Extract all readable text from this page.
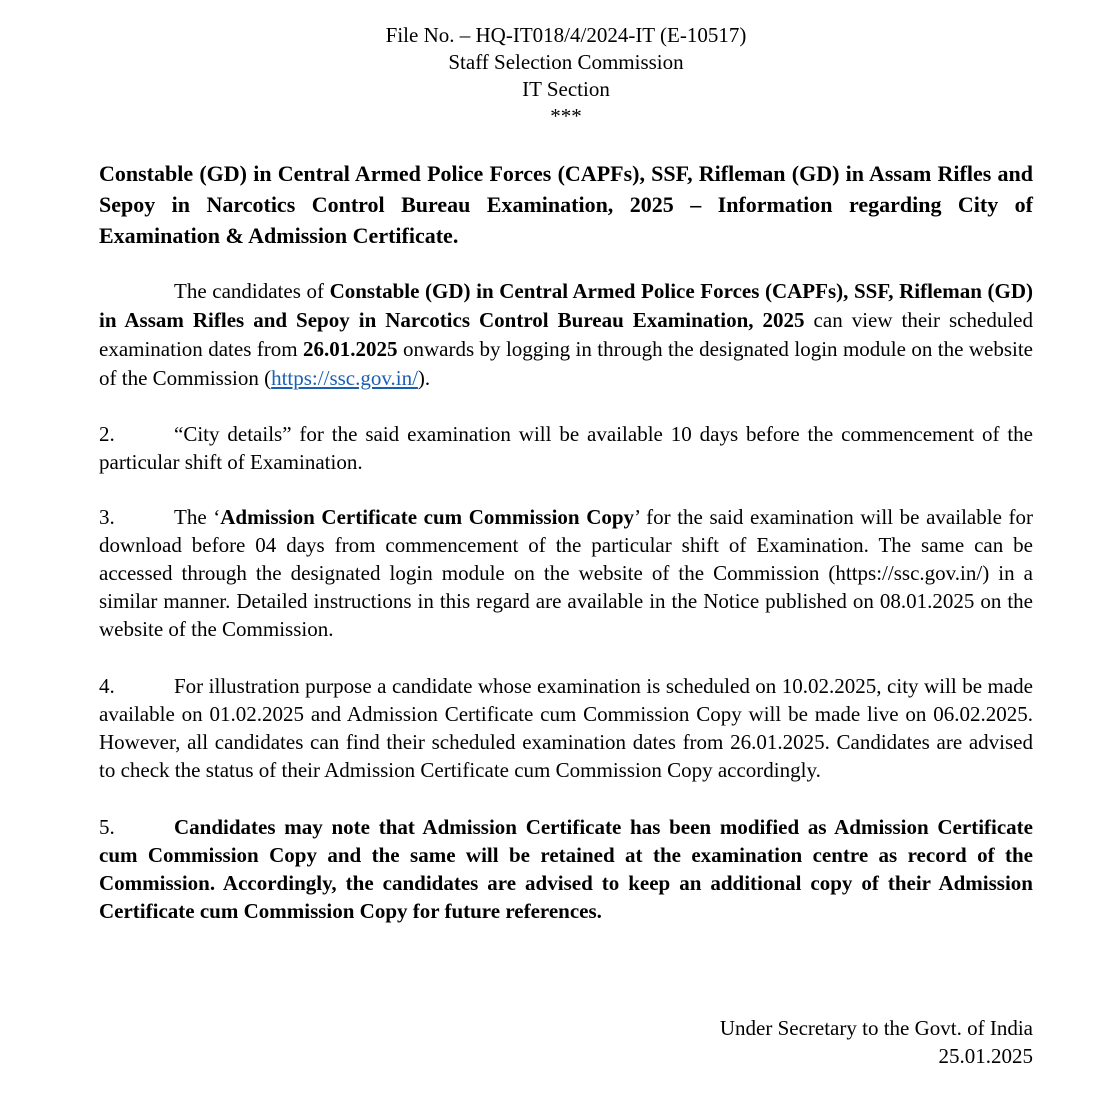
File No. – HQ-IT018/4/2024-IT (E-10517)
Staff Selection Commission
IT Section
***
Constable (GD) in Central Armed Police Forces (CAPFs), SSF, Rifleman (GD) in Assam Rifles and Sepoy in Narcotics Control Bureau Examination, 2025 – Information regarding City of Examination & Admission Certificate.
The candidates of Constable (GD) in Central Armed Police Forces (CAPFs), SSF, Rifleman (GD) in Assam Rifles and Sepoy in Narcotics Control Bureau Examination, 2025 can view their scheduled examination dates from 26.01.2025 onwards by logging in through the designated login module on the website of the Commission (https://ssc.gov.in/).
2.	“City details” for the said examination will be available 10 days before the commencement of the particular shift of Examination.
3.	The ‘Admission Certificate cum Commission Copy’ for the said examination will be available for download before 04 days from commencement of the particular shift of Examination. The same can be accessed through the designated login module on the website of the Commission (https://ssc.gov.in/) in a similar manner. Detailed instructions in this regard are available in the Notice published on 08.01.2025 on the website of the Commission.
4.	For illustration purpose a candidate whose examination is scheduled on 10.02.2025, city will be made available on 01.02.2025 and Admission Certificate cum Commission Copy will be made live on 06.02.2025. However, all candidates can find their scheduled examination dates from 26.01.2025. Candidates are advised to check the status of their Admission Certificate cum Commission Copy accordingly.
5.	Candidates may note that Admission Certificate has been modified as Admission Certificate cum Commission Copy and the same will be retained at the examination centre as record of the Commission. Accordingly, the candidates are advised to keep an additional copy of their Admission Certificate cum Commission Copy for future references.
Under Secretary to the Govt. of India
25.01.2025
